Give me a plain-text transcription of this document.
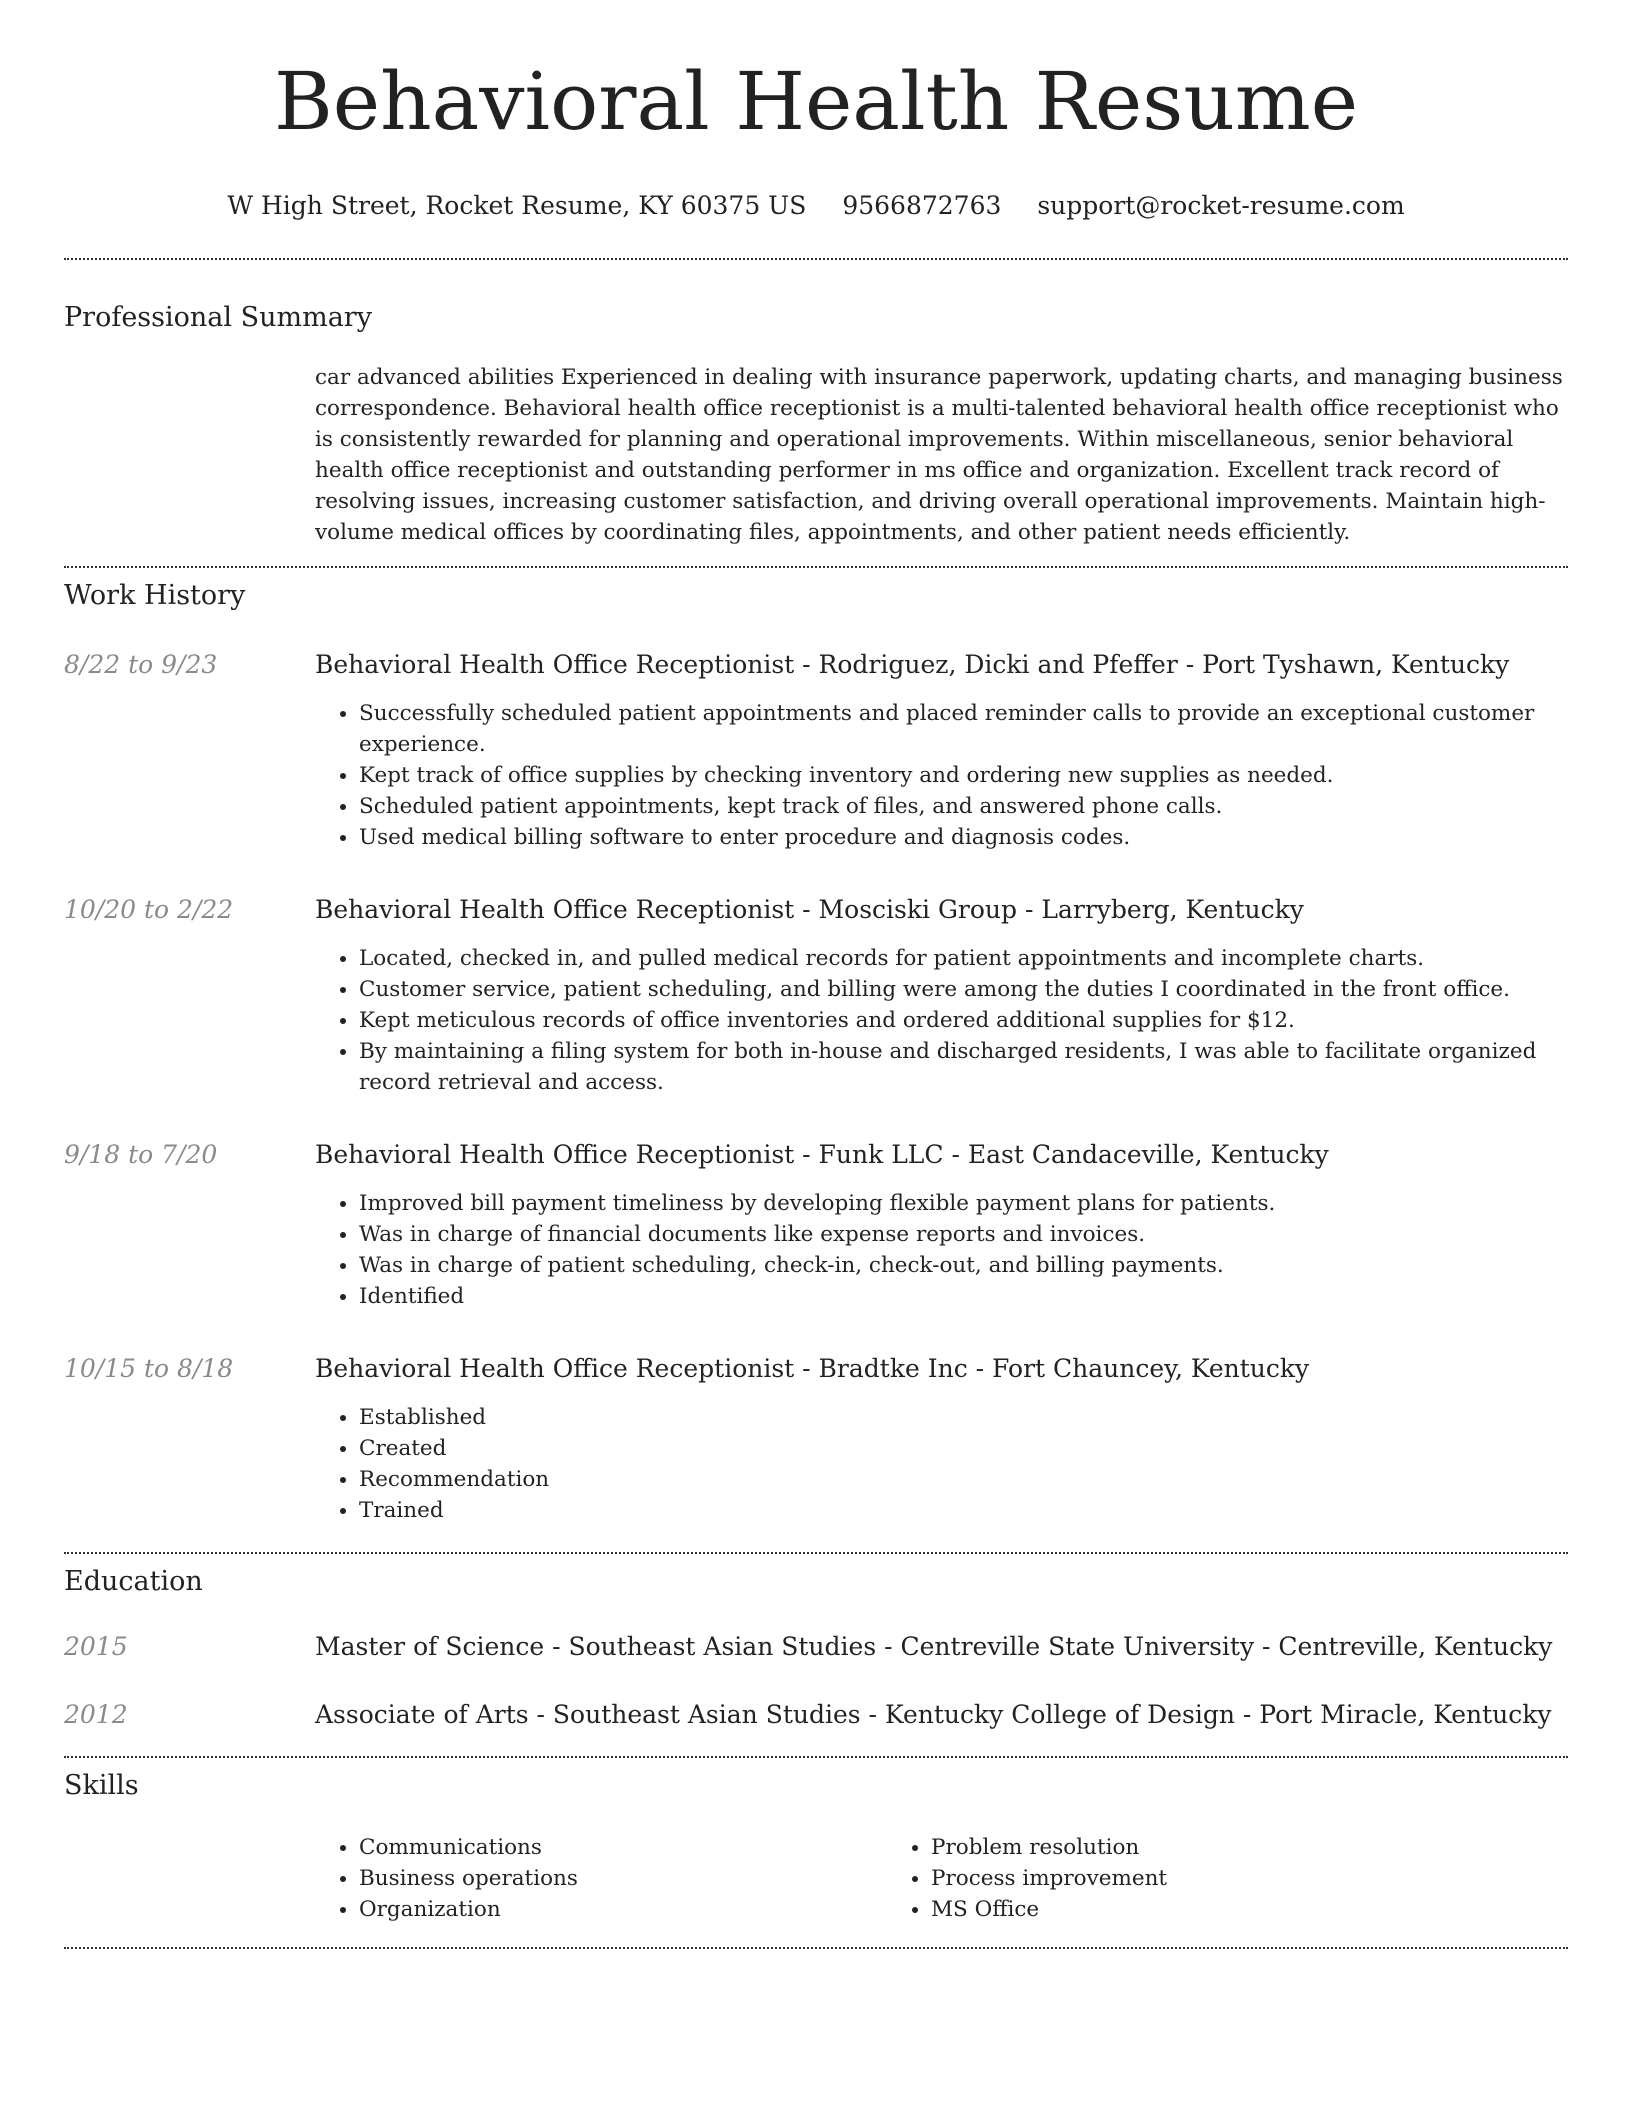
Behavioral Health Resume
W High Street, Rocket Resume, KY 60375 US 9566872763 support@rocket-resume.com
Professional Summary
car advanced abilities Experienced in dealing with insurance paperwork, updating charts, and managing business correspondence. Behavioral health office receptionist is a multi-talented behavioral health office receptionist who is consistently rewarded for planning and operational improvements. Within miscellaneous, senior behavioral health office receptionist and outstanding performer in ms office and organization. Excellent track record of resolving issues, increasing customer satisfaction, and driving overall operational improvements. Maintain high-volume medical offices by coordinating files, appointments, and other patient needs efficiently.
Work History
8/22 to 9/23	Behavioral Health Office Receptionist - Rodriguez, Dicki and Pfeffer - Port Tyshawn, Kentucky
• Successfully scheduled patient appointments and placed reminder calls to provide an exceptional customer experience.
• Kept track of office supplies by checking inventory and ordering new supplies as needed.
• Scheduled patient appointments, kept track of files, and answered phone calls.
• Used medical billing software to enter procedure and diagnosis codes.
10/20 to 2/22	Behavioral Health Office Receptionist - Mosciski Group - Larryberg, Kentucky
• Located, checked in, and pulled medical records for patient appointments and incomplete charts.
• Customer service, patient scheduling, and billing were among the duties I coordinated in the front office.
• Kept meticulous records of office inventories and ordered additional supplies for $12.
• By maintaining a filing system for both in-house and discharged residents, I was able to facilitate organized record retrieval and access.
9/18 to 7/20	Behavioral Health Office Receptionist - Funk LLC - East Candaceville, Kentucky
• Improved bill payment timeliness by developing flexible payment plans for patients.
• Was in charge of financial documents like expense reports and invoices.
• Was in charge of patient scheduling, check-in, check-out, and billing payments.
• Identified
10/15 to 8/18	Behavioral Health Office Receptionist - Bradtke Inc - Fort Chauncey, Kentucky
• Established
• Created
• Recommendation
• Trained
Education
2015	Master of Science - Southeast Asian Studies - Centreville State University - Centreville, Kentucky
2012	Associate of Arts - Southeast Asian Studies - Kentucky College of Design - Port Miracle, Kentucky
Skills
• Communications
• Business operations
• Organization
• Problem resolution
• Process improvement
• MS Office
